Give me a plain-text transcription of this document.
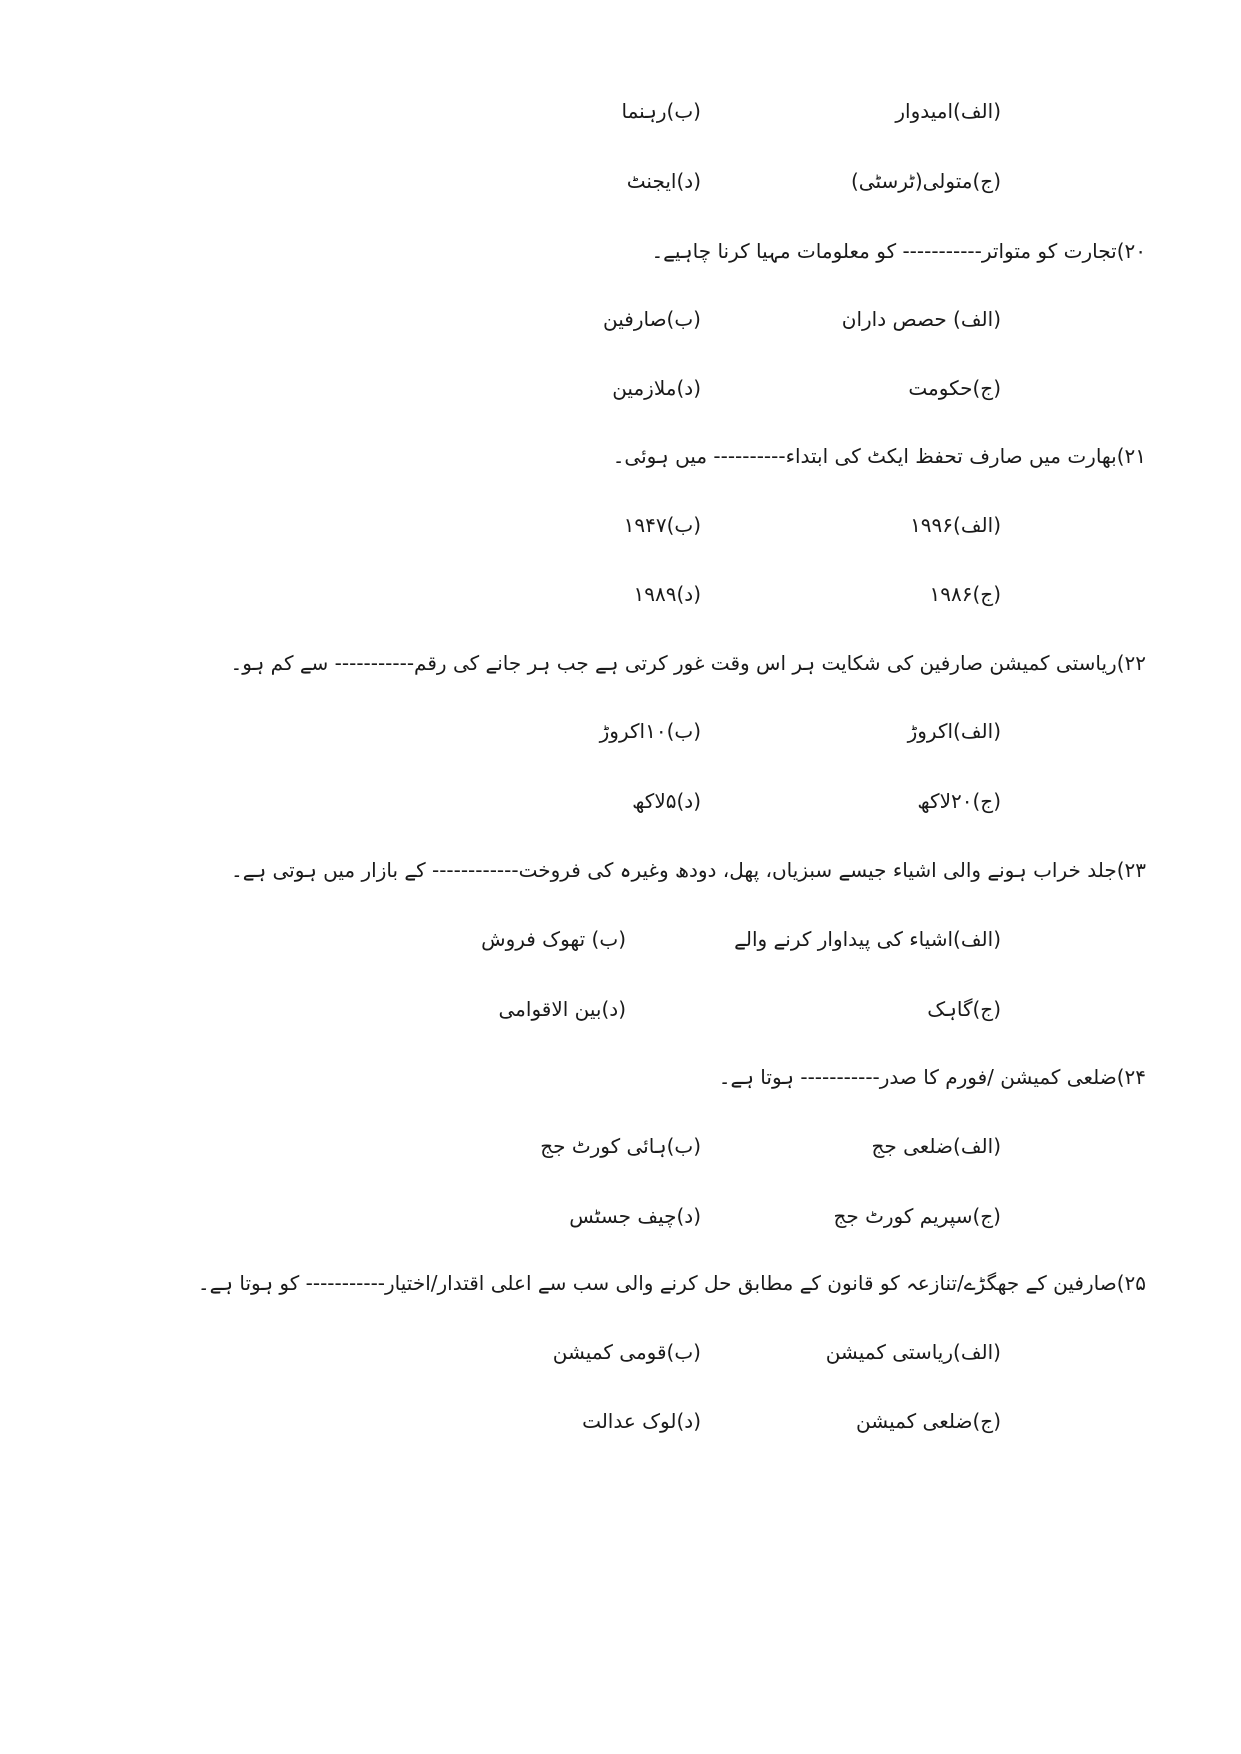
(الف)امیدوار
(ب)رہنما
(ج)متولی(ٹرسٹی)
(د)ایجنٹ
۲۰)تجارت کو متواتر----------- کو معلومات مہیا کرنا چاہیے۔
(الف) حصص داران
(ب)صارفین
(ج)حکومت
(د)ملازمین
۲۱)بھارت میں صارف تحفظ ایکٹ کی ابتداء---------- میں ہوئی۔
(الف)۱۹۹۶
(ب)۱۹۴۷
(ج)۱۹۸۶
(د)۱۹۸۹
۲۲)ریاستی کمیشن صارفین کی شکایت ہر اس وقت غور کرتی ہے جب ہر جانے کی رقم----------- سے کم ہو۔
(الف)اکروڑ
(ب)۱۰اکروڑ
(ج)۲۰لاکھ
(د)۵لاکھ
۲۳)جلد خراب ہونے والی اشیاء جیسے سبزیاں، پھل، دودھ وغیرہ کی فروخت------------ کے بازار میں ہوتی ہے۔
(الف)اشیاء کی پیداوار کرنے والے
(ب) تھوک فروش
(ج)گاہک
(د)بین الاقوامی
۲۴)ضلعی کمیشن /فورم کا صدر----------- ہوتا ہے۔
(الف)ضلعی جج
(ب)ہائی کورٹ جج
(ج)سپریم کورٹ جج
(د)چیف جسٹس
۲۵)صارفین کے جھگڑے/تنازعہ کو قانون کے مطابق حل کرنے والی سب سے اعلی اقتدار/اختیار----------- کو ہوتا ہے۔
(الف)ریاستی کمیشن
(ب)قومی کمیشن
(ج)ضلعی کمیشن
(د)لوک عدالت
